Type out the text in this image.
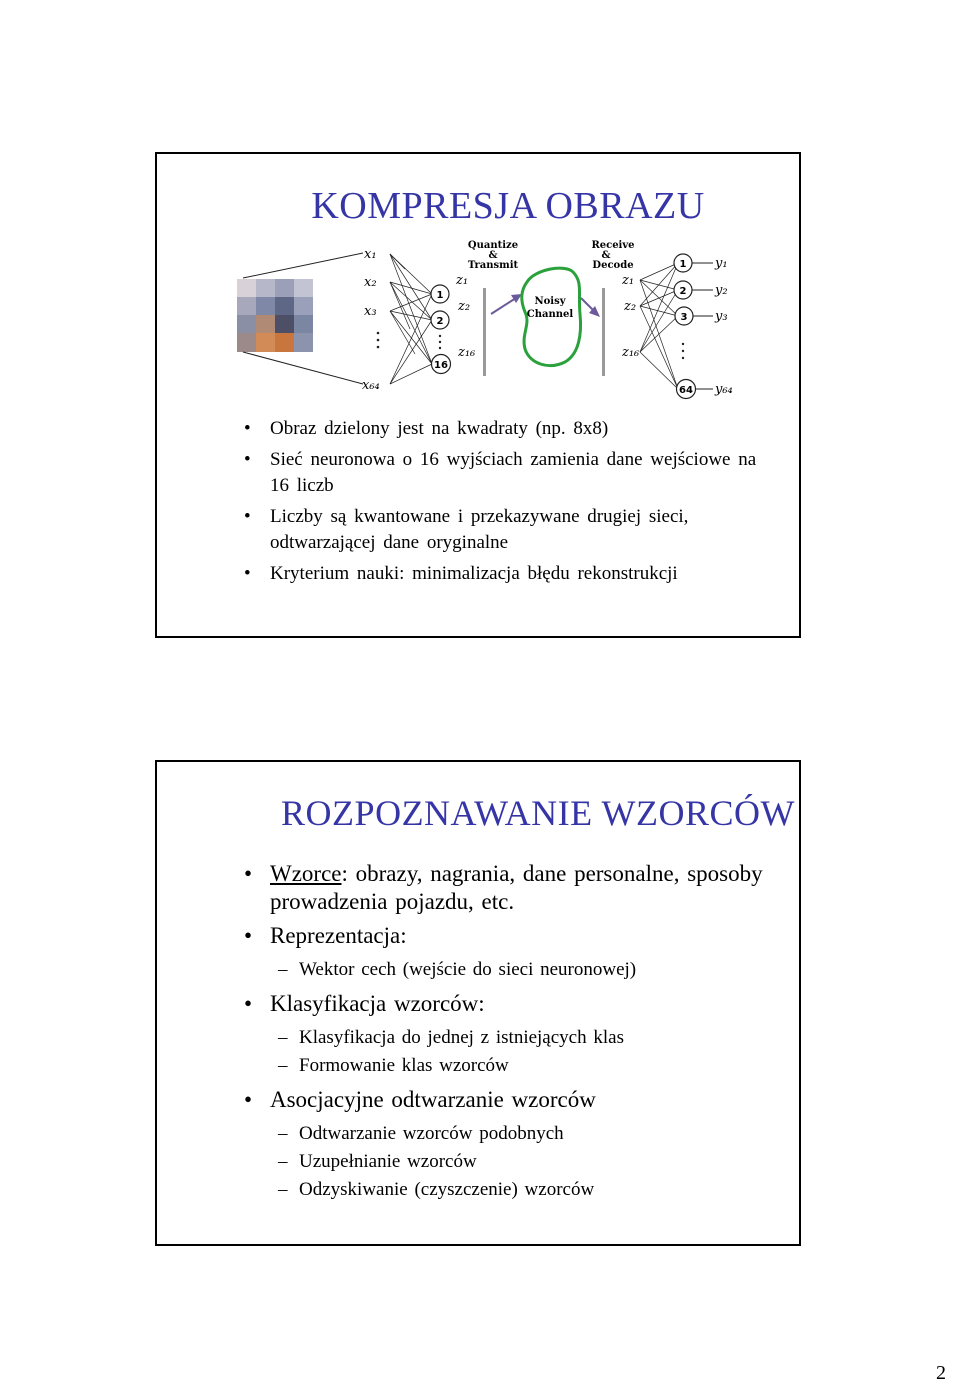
KOMPRESJA OBRAZU
x₁
x₂
x₃
x₆₄
1
2
16
z₁
z₂
z₁₆
Quantize
&
Transmit
Noisy
Channel
Receive
&
Decode
z₁
z₂
z₁₆
1
2
3
64
y₁
y₂
y₃
y₆₄
• Obraz dzielony jest na kwadraty (np. 8x8)
• Sieć neuronowa o 16 wyjściach zamienia dane wejściowe na 16 liczb
• Liczby są kwantowane i przekazywane drugiej sieci, odtwarzającej dane oryginalne
• Kryterium nauki: minimalizacja błędu rekonstrukcji
ROZPOZNAWANIE WZORCÓW
• Wzorce: obrazy, nagrania, dane personalne, sposoby prowadzenia pojazdu, etc.
• Reprezentacja:
– Wektor cech (wejście do sieci neuronowej)
• Klasyfikacja wzorców:
– Klasyfikacja do jednej z istniejących klas
– Formowanie klas wzorców
• Asocjacyjne odtwarzanie wzorców
– Odtwarzanie wzorców podobnych
– Uzupełnianie wzorców
– Odzyskiwanie (czyszczenie) wzorców
2
